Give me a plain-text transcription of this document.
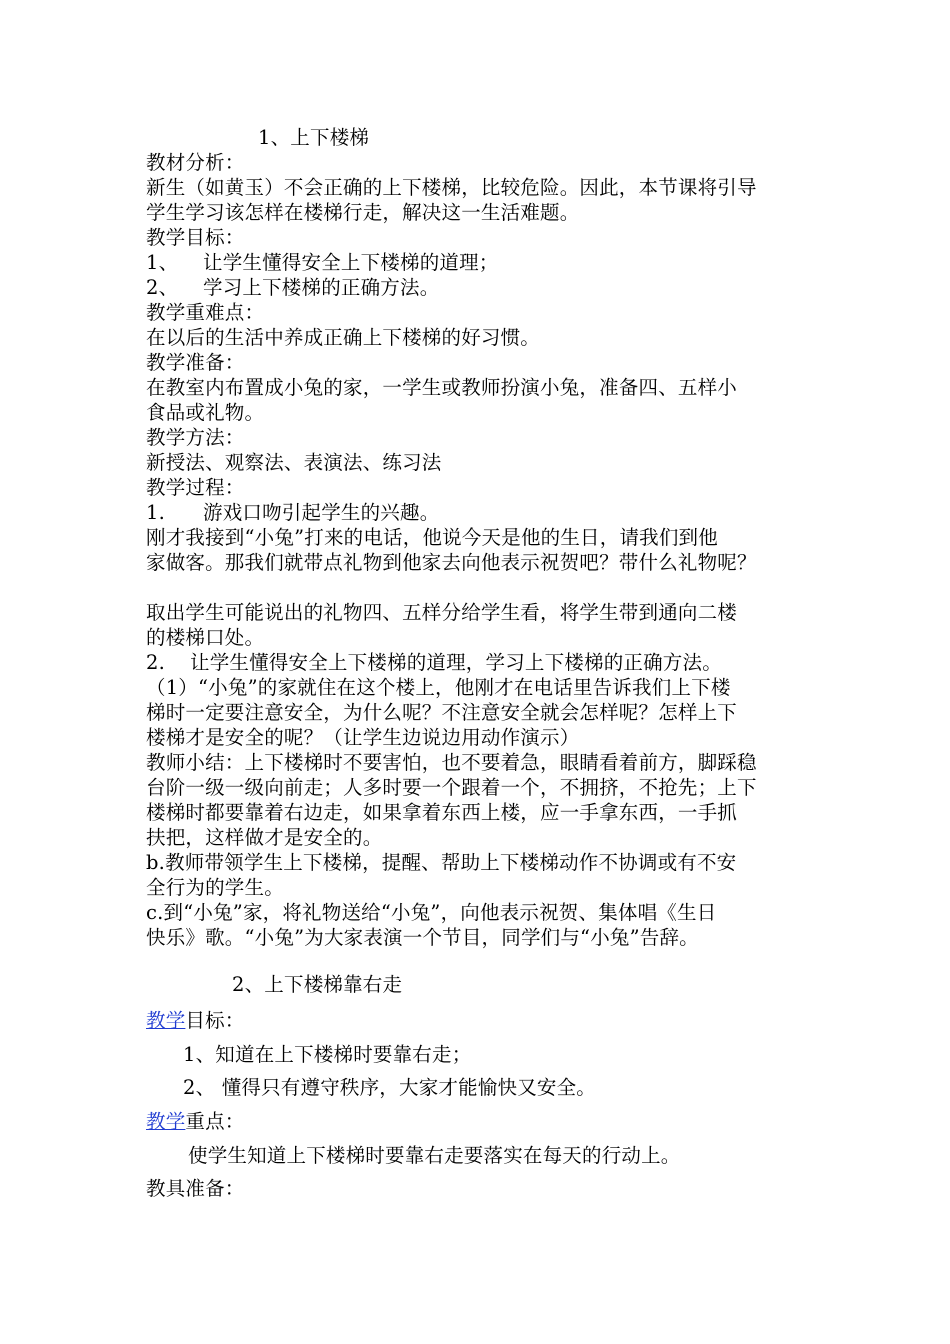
1、上下楼梯
教材分析：
新生（如黄玉）不会正确的上下楼梯，比较危险。因此，本节课将引导
学生学习该怎样在楼梯行走，解决这一生活难题。
教学目标：
1、 让学生懂得安全上下楼梯的道理；
2、 学习上下楼梯的正确方法。
教学重难点：
在以后的生活中养成正确上下楼梯的好习惯。
教学准备：
在教室内布置成小兔的家，一学生或教师扮演小兔，准备四、五样小
食品或礼物。
教学方法：
新授法、观察法、表演法、练习法
教学过程：
1. 游戏口吻引起学生的兴趣。
刚才我接到“小兔”打来的电话，他说今天是他的生日，请我们到他
家做客。那我们就带点礼物到他家去向他表示祝贺吧？带什么礼物呢？
取出学生可能说出的礼物四、五样分给学生看，将学生带到通向二楼
的楼梯口处。
2. 让学生懂得安全上下楼梯的道理，学习上下楼梯的正确方法。
（1）“小兔”的家就住在这个楼上，他刚才在电话里告诉我们上下楼
梯时一定要注意安全，为什么呢？不注意安全就会怎样呢？怎样上下
楼梯才是安全的呢？（让学生边说边用动作演示）
教师小结：上下楼梯时不要害怕，也不要着急，眼睛看着前方，脚踩稳
台阶一级一级向前走；人多时要一个跟着一个，不拥挤，不抢先；上下
楼梯时都要靠着右边走，如果拿着东西上楼，应一手拿东西，一手抓
扶把，这样做才是安全的。
b.教师带领学生上下楼梯，提醒、帮助上下楼梯动作不协调或有不安
全行为的学生。
c.到“小兔”家，将礼物送给“小兔”，向他表示祝贺、集体唱《生日
快乐》歌。“小兔”为大家表演一个节目，同学们与“小兔”告辞。
2、上下楼梯靠右走
教学目标：
1、知道在上下楼梯时要靠右走；
2、 懂得只有遵守秩序，大家才能愉快又安全。
教学重点：
使学生知道上下楼梯时要靠右走要落实在每天的行动上。
教具准备：
